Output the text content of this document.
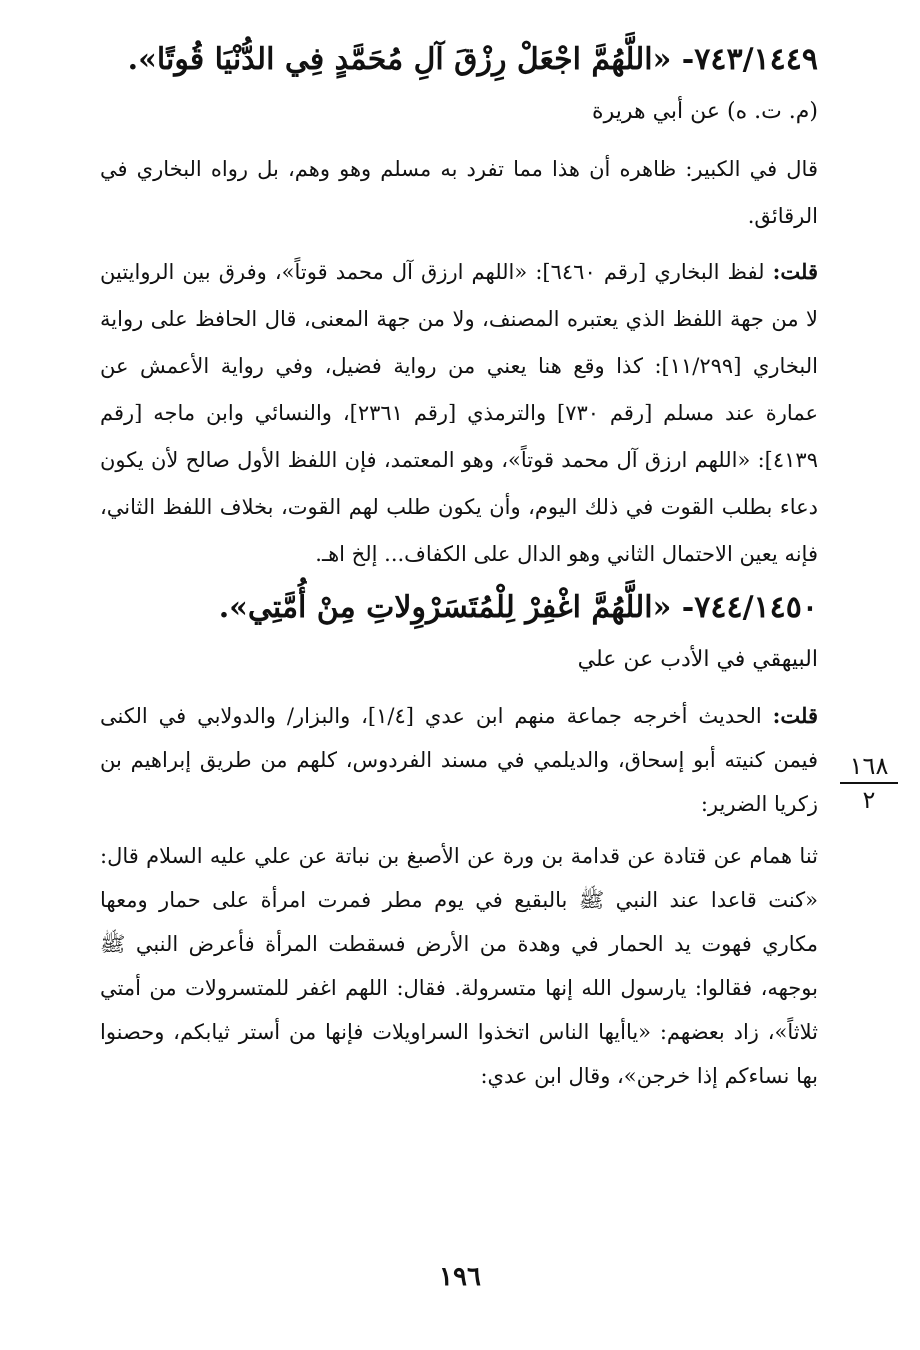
٧٤٣/١٤٤٩- «اللَّهُمَّ اجْعَلْ رِزْقَ آلِ مُحَمَّدٍ فِي الدُّنْيَا قُوتًا».
(م. ت. ه) عن أبي هريرة

قال في الكبير: ظاهره أن هذا مما تفرد به مسلم وهو وهم، بل رواه البخاري في الرقائق.

قلت: لفظ البخاري [رقم ٦٤٦٠]: «اللهم ارزق آل محمد قوتاً»، وفرق بين الروايتين لا من جهة اللفظ الذي يعتبره المصنف، ولا من جهة المعنى، قال الحافظ على رواية البخاري [١١/٢٩٩]: كذا وقع هنا يعني من رواية فضيل، وفي رواية الأعمش عن عمارة عند مسلم [رقم ٧٣٠] والترمذي [رقم ٢٣٦١]، والنسائي وابن ماجه [رقم ٤١٣٩]: «اللهم ارزق آل محمد قوتاً»، وهو المعتمد، فإن اللفظ الأول صالح لأن يكون دعاء بطلب القوت في ذلك اليوم، وأن يكون طلب لهم القوت، بخلاف اللفظ الثاني، فإنه يعين الاحتمال الثاني وهو الدال على الكفاف... إلخ اهـ.

٧٤٤/١٤٥٠- «اللَّهُمَّ اغْفِرْ لِلْمُتَسَرْوِلاتِ مِنْ أُمَّتِي».
البيهقي في الأدب عن علي

قلت: الحديث أخرجه جماعة منهم ابن عدي [١/٤]، والبزار/ والدولابي في الكنى فيمن كنيته أبو إسحاق، والديلمي في مسند الفردوس، كلهم من طريق إبراهيم بن زكريا الضرير:

ثنا همام عن قتادة عن قدامة بن ورة عن الأصبغ بن نباتة عن علي عليه السلام قال: «كنت قاعدا عند النبي ﷺ بالبقيع في يوم مطر فمرت امرأة على حمار ومعها مكاري فهوت يد الحمار في وهدة من الأرض فسقطت المرأة فأعرض النبي ﷺ بوجهه، فقالوا: يارسول الله إنها متسرولة. فقال: اللهم اغفر للمتسرولات من أمتي ثلاثاً»، زاد بعضهم: «ياأيها الناس اتخذوا السراويلات فإنها من أستر ثيابكم، وحصنوا بها نساءكم إذا خرجن»، وقال ابن عدي:

١٦٨
٢
١٩٦
